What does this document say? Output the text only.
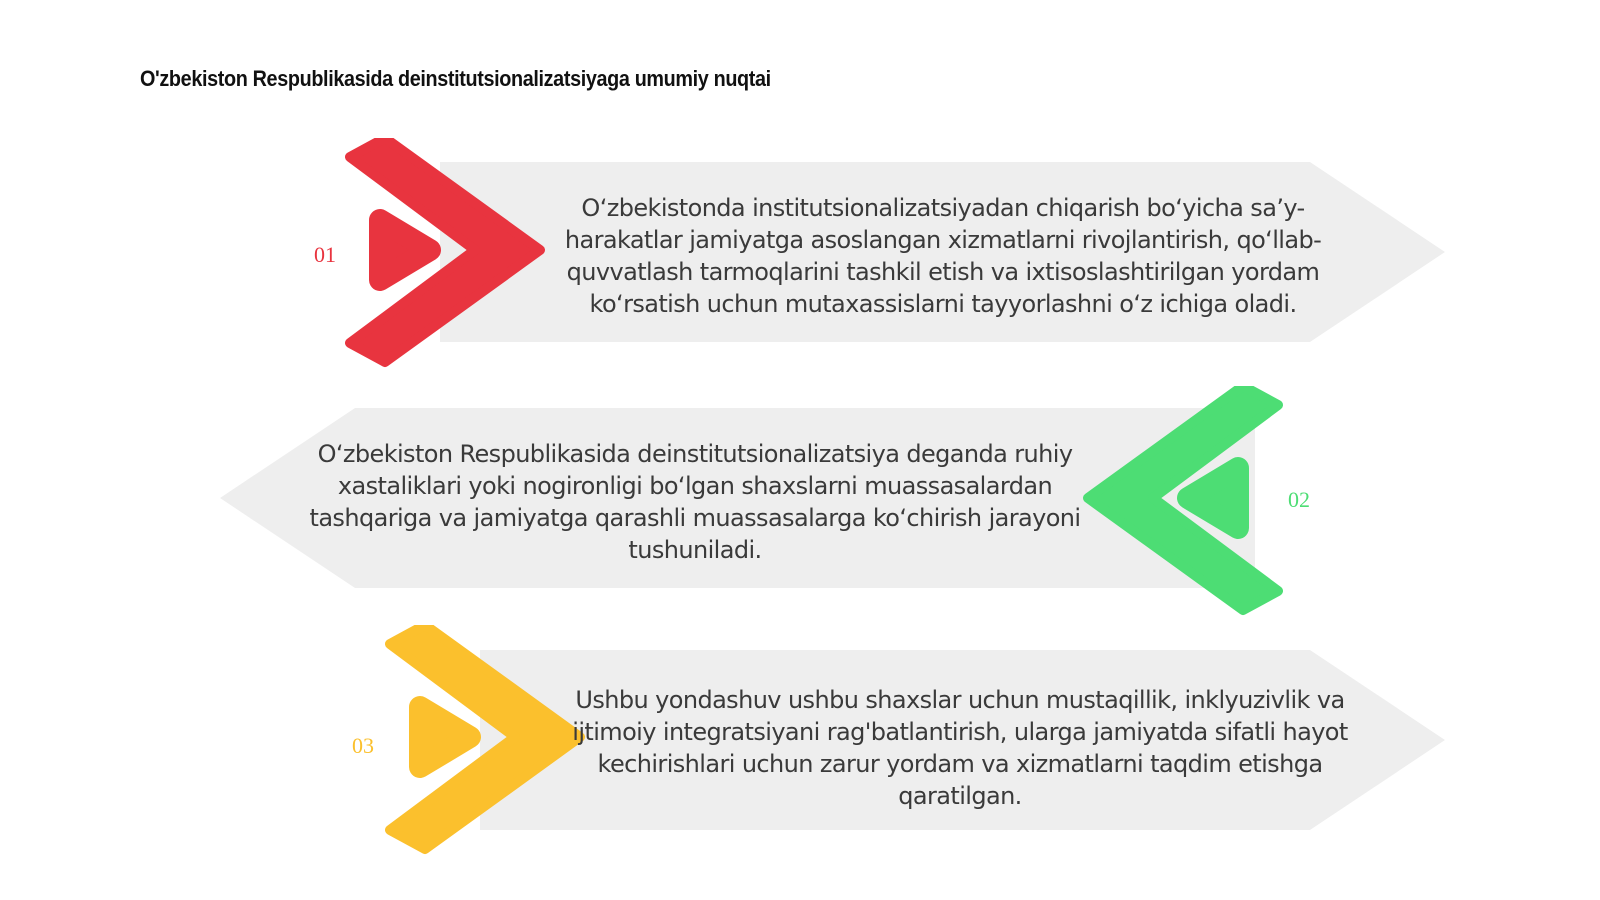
O'zbekiston Respublikasida deinstitutsionalizatsiyaga umumiy nuqtai
01
O‘zbekistonda institutsionalizatsiyadan chiqarish bo‘yicha sa’y-harakatlar jamiyatga asoslangan xizmatlarni rivojlantirish, qo‘llab-quvvatlash tarmoqlarini tashkil etish va ixtisoslashtirilgan yordam ko‘rsatish uchun mutaxassislarni tayyorlashni o‘z ichiga oladi.
02
O‘zbekiston Respublikasida deinstitutsionalizatsiya deganda ruhiy xastaliklari yoki nogironligi bo‘lgan shaxslarni muassasalardan tashqariga va jamiyatga qarashli muassasalarga ko‘chirish jarayoni tushuniladi.
03
Ushbu yondashuv ushbu shaxslar uchun mustaqillik, inklyuzivlik va ijtimoiy integratsiyani rag'batlantirish, ularga jamiyatda sifatli hayot kechirishlari uchun zarur yordam va xizmatlarni taqdim etishga qaratilgan.
